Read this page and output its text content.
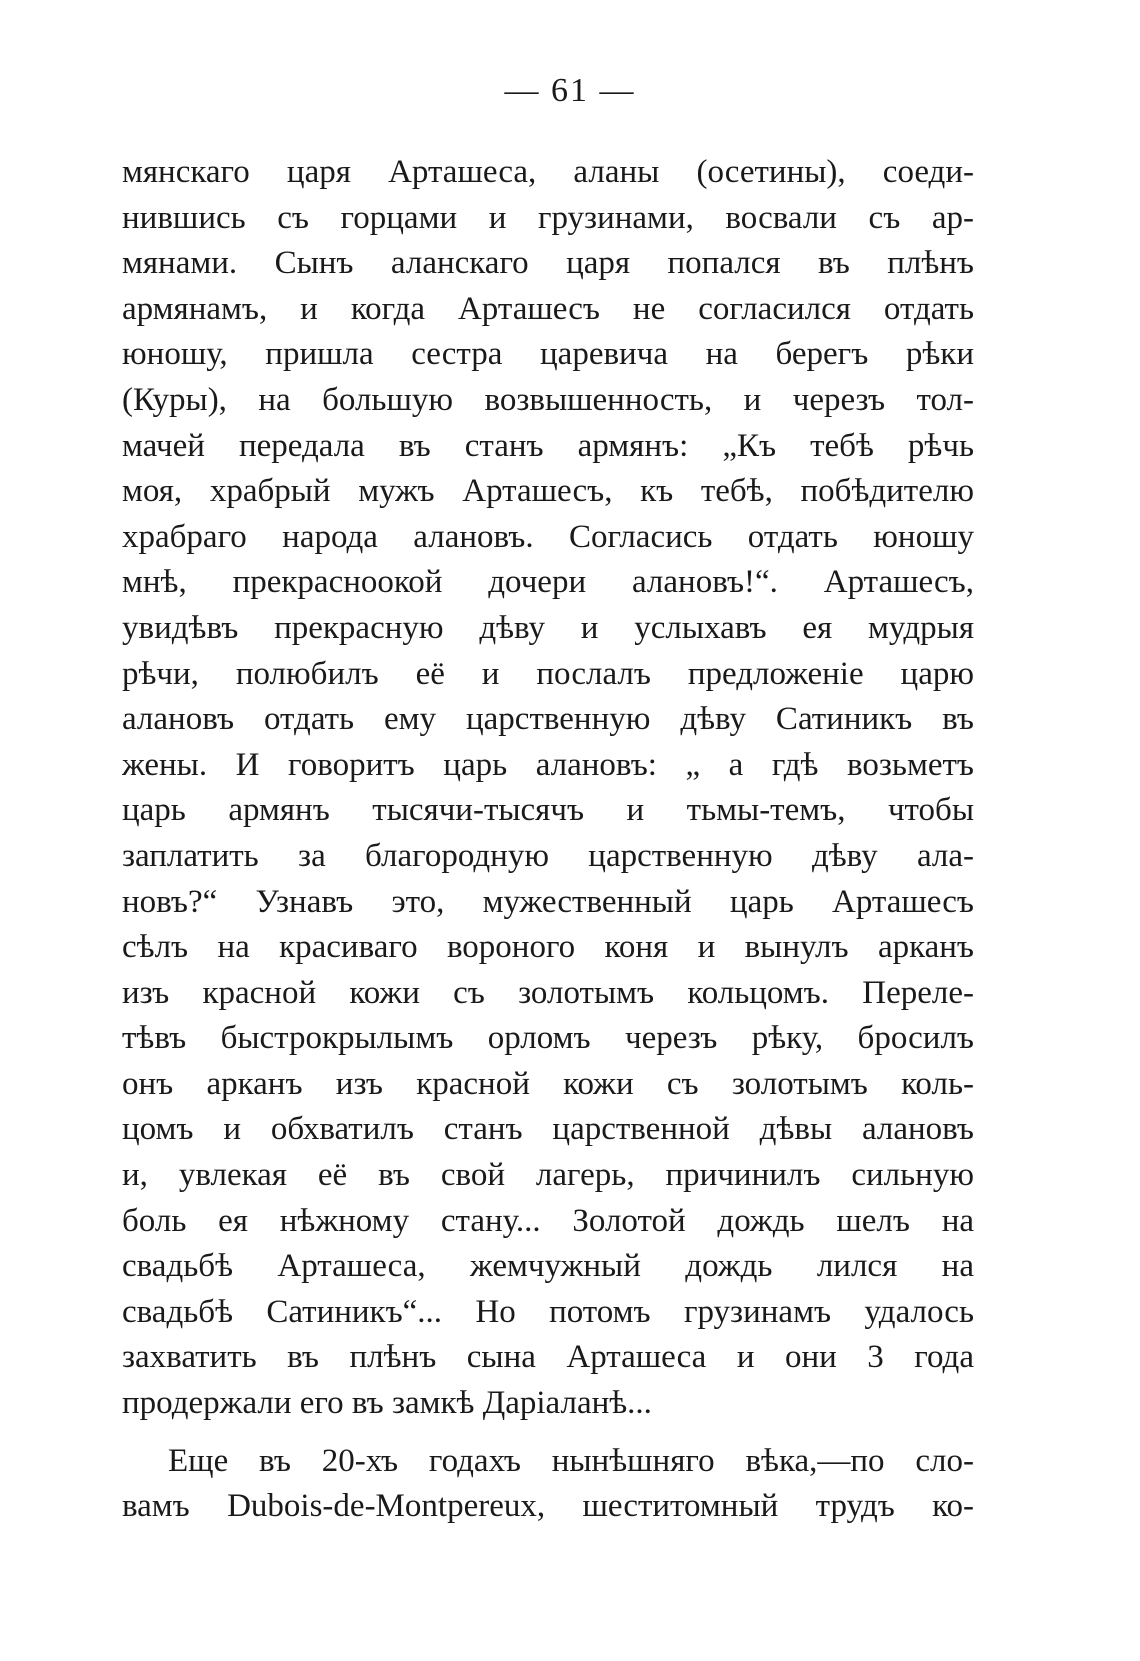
— 61 —
мянскаго царя Арташеса, аланы (осетины), соеди-
нившись съ горцами и грузинами, восвали съ ар-
мянами. Сынъ аланскаго царя попался въ плѣнъ
армянамъ, и когда Арташесъ не согласился отдать
юношу, пришла сестра царевича на берегъ рѣки
(Куры), на большую возвышенность, и черезъ тол-
мачей передала въ станъ армянъ: „Къ тебѣ рѣчь
моя, храбрый мужъ Арташесъ, къ тебѣ, побѣдителю
храбраго народа алановъ. Согласись отдать юношу
мнѣ, прекрасноокой дочери алановъ!“. Арташесъ,
увидѣвъ прекрасную дѣву и услыхавъ ея мудрыя
рѣчи, полюбилъ её и послалъ предложеніе царю
алановъ отдать ему царственную дѣву Сатиникъ въ
жены. И говоритъ царь алановъ: „ а гдѣ возьметъ
царь армянъ тысячи-тысячъ и тьмы-темъ, чтобы
заплатить за благородную царственную дѣву ала-
новъ?“ Узнавъ это, мужественный царь Арташесъ
сѣлъ на красиваго вороного коня и вынулъ арканъ
изъ красной кожи съ золотымъ кольцомъ. Переле-
тѣвъ быстрокрылымъ орломъ черезъ рѣку, бросилъ
онъ арканъ изъ красной кожи съ золотымъ коль-
цомъ и обхватилъ станъ царственной дѣвы алановъ
и, увлекая её въ свой лагерь, причинилъ сильную
боль ея нѣжному стану... Золотой дождь шелъ на
свадьбѣ Арташеса, жемчужный дождь лился на
свадьбѣ Сатиникъ“... Но потомъ грузинамъ удалось
захватить въ плѣнъ сына Арташеса и они 3 года
продержали его въ замкѣ Даріаланѣ...
Еще въ 20-хъ годахъ нынѣшняго вѣка,—по сло-
вамъ Dubois-de-Montpereux, шеститомный трудъ ко-
